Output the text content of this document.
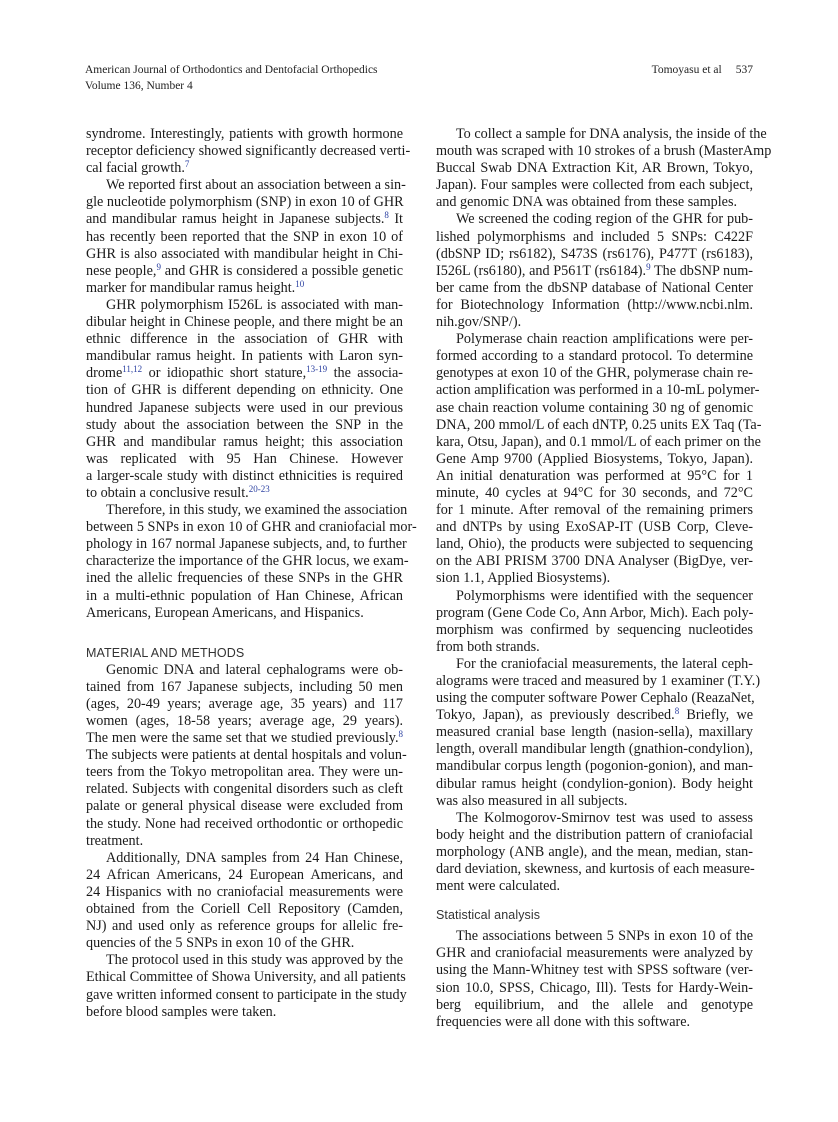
American Journal of Orthodontics and Dentofacial Orthopedics
Volume 136, Number 4
Tomoyasu et al 537
syndrome. Interestingly, patients with growth hormone
receptor deficiency showed significantly decreased verti-
cal facial growth.$^7$
We reported first about an association between a sin-
gle nucleotide polymorphism (SNP) in exon 10 of GHR
and mandibular ramus height in Japanese subjects.$^8$ It
has recently been reported that the SNP in exon 10 of
GHR is also associated with mandibular height in Chi-
nese people,$^9$ and GHR is considered a possible genetic
marker for mandibular ramus height.$^{10}$
GHR polymorphism I526L is associated with man-
dibular height in Chinese people, and there might be an
ethnic difference in the association of GHR with
mandibular ramus height. In patients with Laron syn-
drome$^{11,12}$ or idiopathic short stature,$^{13-19}$ the associa-
tion of GHR is different depending on ethnicity. One
hundred Japanese subjects were used in our previous
study about the association between the SNP in the
GHR and mandibular ramus height; this association
was replicated with 95 Han Chinese. However
a larger-scale study with distinct ethnicities is required
to obtain a conclusive result.$^{20-23}$
Therefore, in this study, we examined the association
between 5 SNPs in exon 10 of GHR and craniofacial mor-
phology in 167 normal Japanese subjects, and, to further
characterize the importance of the GHR locus, we exam-
ined the allelic frequencies of these SNPs in the GHR
in a multi-ethnic population of Han Chinese, African
Americans, European Americans, and Hispanics.
MATERIAL AND METHODS
Genomic DNA and lateral cephalograms were ob-
tained from 167 Japanese subjects, including 50 men
(ages, 20-49 years; average age, 35 years) and 117
women (ages, 18-58 years; average age, 29 years).
The men were the same set that we studied previously.$^8$
The subjects were patients at dental hospitals and volun-
teers from the Tokyo metropolitan area. They were un-
related. Subjects with congenital disorders such as cleft
palate or general physical disease were excluded from
the study. None had received orthodontic or orthopedic
treatment.
Additionally, DNA samples from 24 Han Chinese,
24 African Americans, 24 European Americans, and
24 Hispanics with no craniofacial measurements were
obtained from the Coriell Cell Repository (Camden,
NJ) and used only as reference groups for allelic fre-
quencies of the 5 SNPs in exon 10 of the GHR.
The protocol used in this study was approved by the
Ethical Committee of Showa University, and all patients
gave written informed consent to participate in the study
before blood samples were taken.
To collect a sample for DNA analysis, the inside of the
mouth was scraped with 10 strokes of a brush (MasterAmp
Buccal Swab DNA Extraction Kit, AR Brown, Tokyo,
Japan). Four samples were collected from each subject,
and genomic DNA was obtained from these samples.
We screened the coding region of the GHR for pub-
lished polymorphisms and included 5 SNPs: C422F
(dbSNP ID; rs6182), S473S (rs6176), P477T (rs6183),
I526L (rs6180), and P561T (rs6184).$^9$ The dbSNP num-
ber came from the dbSNP database of National Center
for Biotechnology Information (http://www.ncbi.nlm.
nih.gov/SNP/).
Polymerase chain reaction amplifications were per-
formed according to a standard protocol. To determine
genotypes at exon 10 of the GHR, polymerase chain re-
action amplification was performed in a 10-mL polymer-
ase chain reaction volume containing 30 ng of genomic
DNA, 200 mmol/L of each dNTP, 0.25 units EX Taq (Ta-
kara, Otsu, Japan), and 0.1 mmol/L of each primer on the
Gene Amp 9700 (Applied Biosystems, Tokyo, Japan).
An initial denaturation was performed at 95°C for 1
minute, 40 cycles at 94°C for 30 seconds, and 72°C
for 1 minute. After removal of the remaining primers
and dNTPs by using ExoSAP-IT (USB Corp, Cleve-
land, Ohio), the products were subjected to sequencing
on the ABI PRISM 3700 DNA Analyser (BigDye, ver-
sion 1.1, Applied Biosystems).
Polymorphisms were identified with the sequencer
program (Gene Code Co, Ann Arbor, Mich). Each poly-
morphism was confirmed by sequencing nucleotides
from both strands.
For the craniofacial measurements, the lateral ceph-
alograms were traced and measured by 1 examiner (T.Y.)
using the computer software Power Cephalo (ReazaNet,
Tokyo, Japan), as previously described.$^8$ Briefly, we
measured cranial base length (nasion-sella), maxillary
length, overall mandibular length (gnathion-condylion),
mandibular corpus length (pogonion-gonion), and man-
dibular ramus height (condylion-gonion). Body height
was also measured in all subjects.
The Kolmogorov-Smirnov test was used to assess
body height and the distribution pattern of craniofacial
morphology (ANB angle), and the mean, median, stan-
dard deviation, skewness, and kurtosis of each measure-
ment were calculated.
Statistical analysis
The associations between 5 SNPs in exon 10 of the
GHR and craniofacial measurements were analyzed by
using the Mann-Whitney test with SPSS software (ver-
sion 10.0, SPSS, Chicago, Ill). Tests for Hardy-Wein-
berg equilibrium, and the allele and genotype
frequencies were all done with this software.
